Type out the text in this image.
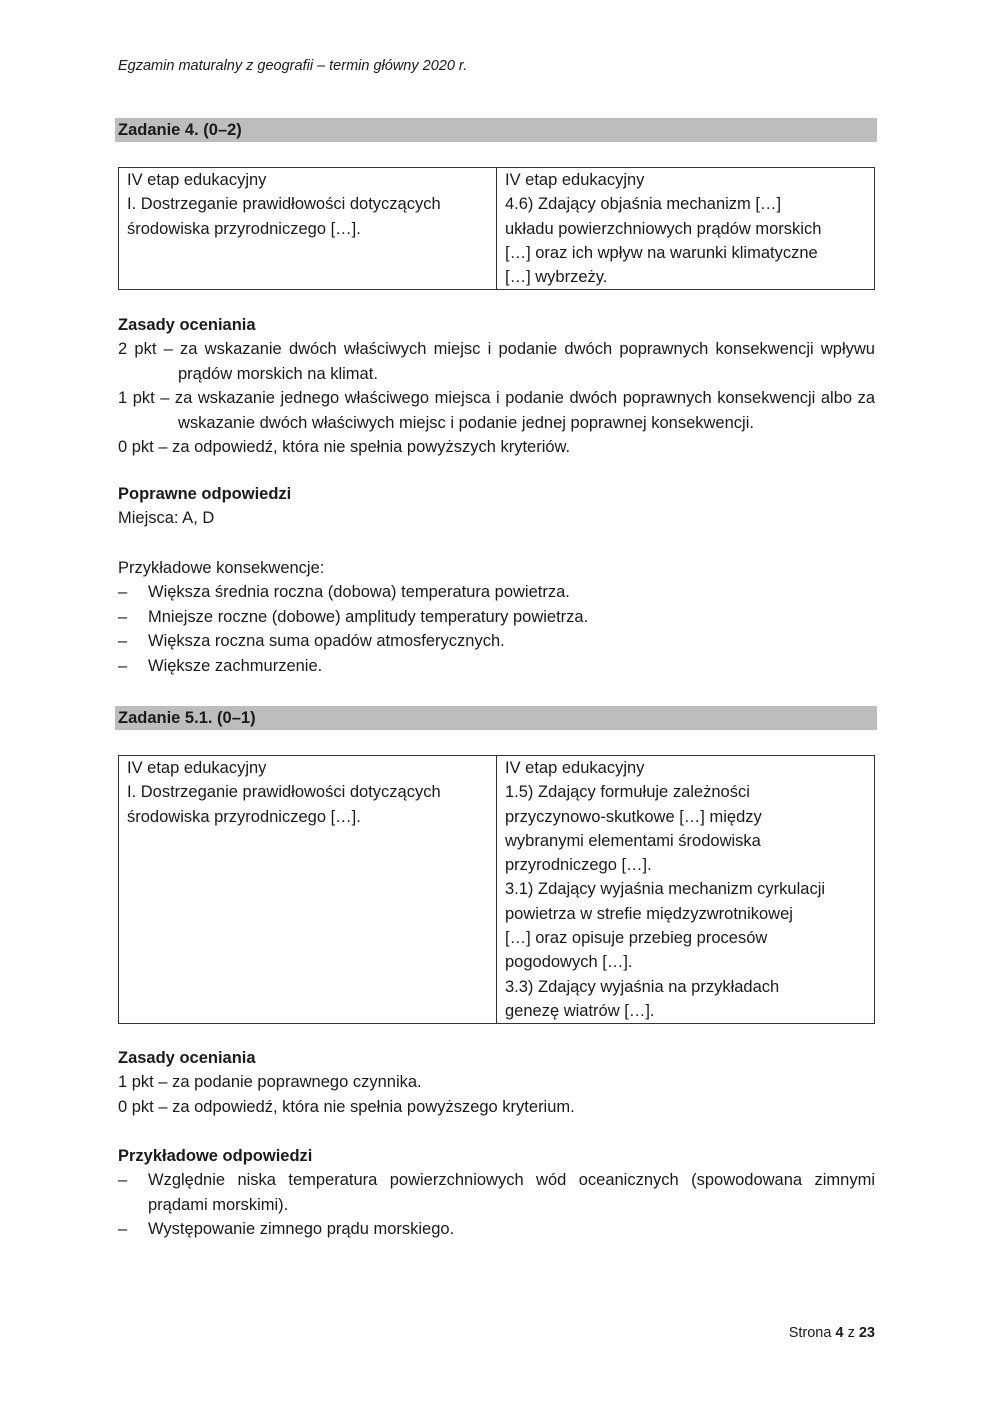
Egzamin maturalny z geografii – termin główny 2020 r.
Zadanie 4. (0–2)
IV etap edukacyjny
I. Dostrzeganie prawidłowości dotyczących
środowiska przyrodniczego […].

IV etap edukacyjny
4.6) Zdający objaśnia mechanizm […]
układu powierzchniowych prądów morskich
[…] oraz ich wpływ na warunki klimatyczne
[…] wybrzeży.
Zasady oceniania
2 pkt – za wskazanie dwóch właściwych miejsc i podanie dwóch poprawnych konsekwencji wpływu prądów morskich na klimat.
1 pkt – za wskazanie jednego właściwego miejsca i podanie dwóch poprawnych konsekwencji albo za wskazanie dwóch właściwych miejsc i podanie jednej poprawnej konsekwencji.
0 pkt – za odpowiedź, która nie spełnia powyższych kryteriów.
Poprawne odpowiedzi
Miejsca: A, D
Przykładowe konsekwencje:
–	Większa średnia roczna (dobowa) temperatura powietrza.
–	Mniejsze roczne (dobowe) amplitudy temperatury powietrza.
–	Większa roczna suma opadów atmosferycznych.
–	Większe zachmurzenie.
Zadanie 5.1. (0–1)
IV etap edukacyjny
I. Dostrzeganie prawidłowości dotyczących
środowiska przyrodniczego […].

IV etap edukacyjny
1.5) Zdający formułuje zależności
przyczynowo-skutkowe […] między
wybranymi elementami środowiska
przyrodniczego […].
3.1) Zdający wyjaśnia mechanizm cyrkulacji
powietrza w strefie międzyzwrotnikowej
[…] oraz opisuje przebieg procesów
pogodowych […].
3.3) Zdający wyjaśnia na przykładach
genezę wiatrów […].
Zasady oceniania
1 pkt – za podanie poprawnego czynnika.
0 pkt – za odpowiedź, która nie spełnia powyższego kryterium.
Przykładowe odpowiedzi
–	Względnie niska temperatura powierzchniowych wód oceanicznych (spowodowana zimnymi prądami morskimi).
–	Występowanie zimnego prądu morskiego.
Strona 4 z 23
